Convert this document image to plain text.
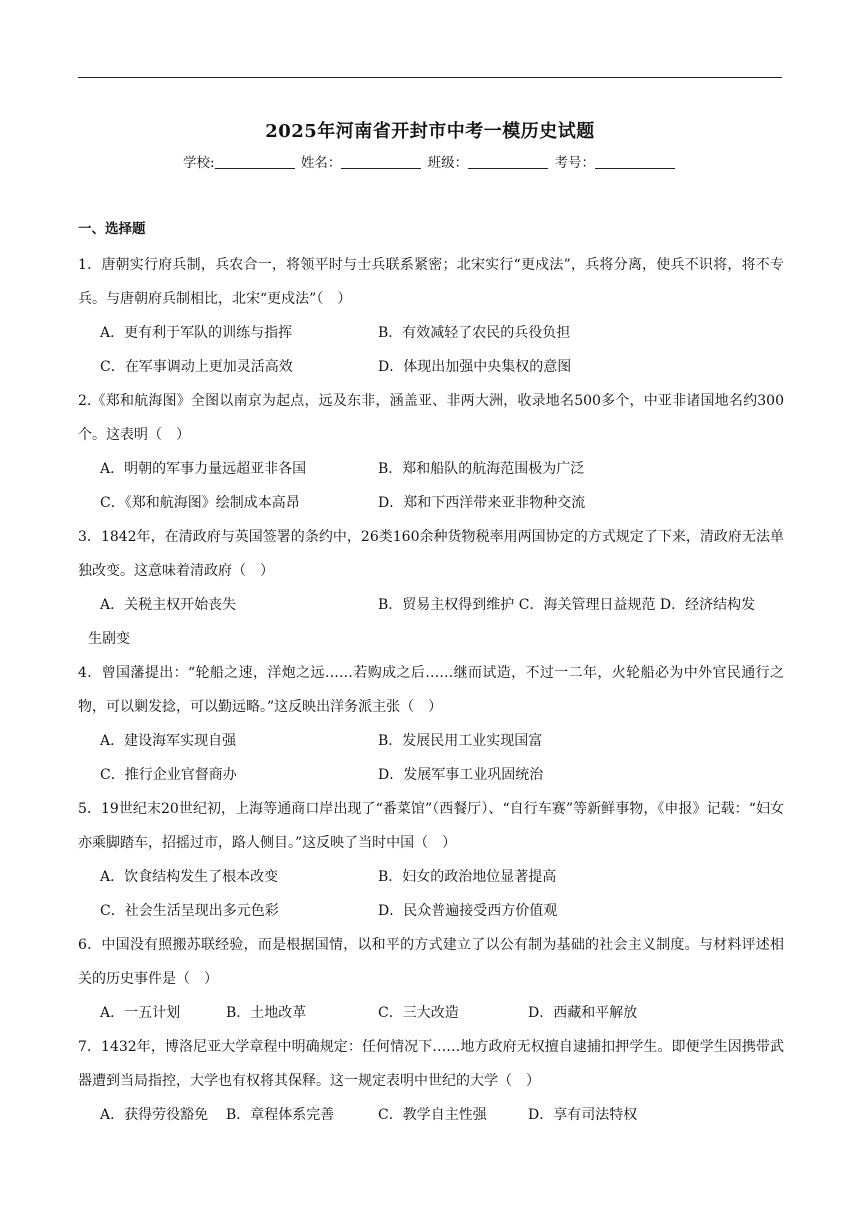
2025年河南省开封市中考一模历史试题
学校:	姓名：	班级：	考号：
一、选择题
1．唐朝实行府兵制，兵农合一，将领平时与士兵联系紧密；北宋实行“更戍法”，兵将分离，使兵不识将，将不专兵。与唐朝府兵制相比，北宋“更戍法”（　）
A．更有利于军队的训练与指挥	B．有效减轻了农民的兵役负担
C．在军事调动上更加灵活高效	D．体现出加强中央集权的意图
2.《郑和航海图》全图以南京为起点，远及东非，涵盖亚、非两大洲，收录地名500多个，中亚非诸国地名约300个。这表明（　）
A．明朝的军事力量远超亚非各国	B．郑和船队的航海范围极为广泛
C．《郑和航海图》绘制成本高昂	D．郑和下西洋带来亚非物种交流
3．1842年，在清政府与英国签署的条约中，26类160余种货物税率用两国协定的方式规定了下来，清政府无法单独改变。这意味着清政府（　）
A．关税主权开始丧失	B．贸易主权得到维护 C．海关管理日益规范 D．经济结构发
生剧变
4．曾国藩提出：“轮船之速，洋炮之远……若购成之后……继而试造，不过一二年，火轮船必为中外官民通行之物，可以剿发捻，可以勤远略。”这反映出洋务派主张（　）
A．建设海军实现自强	B．发展民用工业实现国富
C．推行企业官督商办	D．发展军事工业巩固统治
5．19世纪末20世纪初，上海等通商口岸出现了“番菜馆”（西餐厅）、“自行车赛”等新鲜事物，《申报》记载：“妇女亦乘脚踏车，招摇过市，路人侧目。”这反映了当时中国（　）
A．饮食结构发生了根本改变	B．妇女的政治地位显著提高
C．社会生活呈现出多元色彩	D．民众普遍接受西方价值观
6．中国没有照搬苏联经验，而是根据国情，以和平的方式建立了以公有制为基础的社会主义制度。与材料评述相关的历史事件是（　）
A．一五计划	B．土地改革	C．三大改造	D．西藏和平解放
7．1432年，博洛尼亚大学章程中明确规定：任何情况下……地方政府无权擅自逮捕扣押学生。即便学生因携带武器遭到当局指控，大学也有权将其保释。这一规定表明中世纪的大学（　）
A．获得劳役豁免 B．章程体系完善	C．教学自主性强	D．享有司法特权
